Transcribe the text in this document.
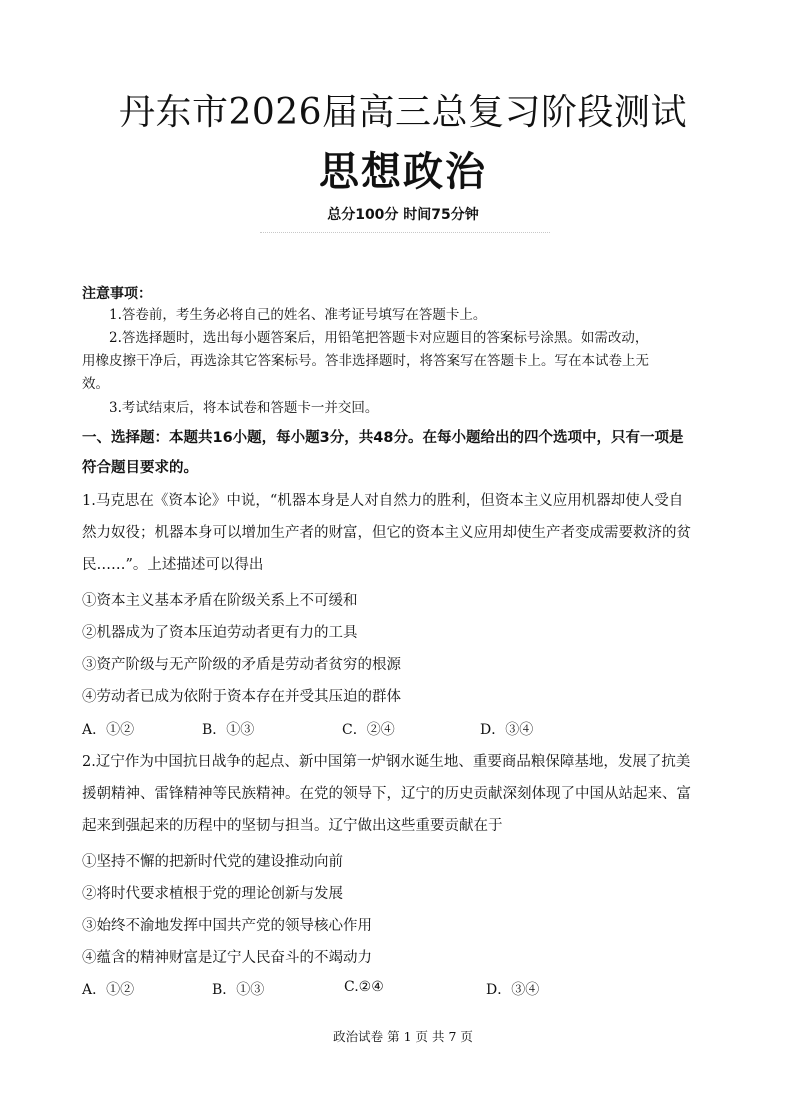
丹东市2026届高三总复习阶段测试
思想政治
总分100分 时间75分钟
注意事项：
1.答卷前，考生务必将自己的姓名、准考证号填写在答题卡上。
2.答选择题时，选出每小题答案后，用铅笔把答题卡对应题目的答案标号涂黑。如需改动，
用橡皮擦干净后，再选涂其它答案标号。答非选择题时，将答案写在答题卡上。写在本试卷上无
效。
3.考试结束后，将本试卷和答题卡一并交回。
一、选择题：本题共16小题，每小题3分，共48分。在每小题给出的四个选项中，只有一项是
符合题目要求的。
1.马克思在《资本论》中说，“机器本身是人对自然力的胜利，但资本主义应用机器却使人受自
然力奴役；机器本身可以增加生产者的财富，但它的资本主义应用却使生产者变成需要救济的贫
民……”。上述描述可以得出
①资本主义基本矛盾在阶级关系上不可缓和
②机器成为了资本压迫劳动者更有力的工具
③资产阶级与无产阶级的矛盾是劳动者贫穷的根源
④劳动者已成为依附于资本存在并受其压迫的群体
A．①②	B．①③	C．②④	D．③④
2.辽宁作为中国抗日战争的起点、新中国第一炉钢水诞生地、重要商品粮保障基地，发展了抗美
援朝精神、雷锋精神等民族精神。在党的领导下，辽宁的历史贡献深刻体现了中国从站起来、富
起来到强起来的历程中的坚韧与担当。辽宁做出这些重要贡献在于
①坚持不懈的把新时代党的建设推动向前
②将时代要求植根于党的理论创新与发展
③始终不渝地发挥中国共产党的领导核心作用
④蕴含的精神财富是辽宁人民奋斗的不竭动力
A．①②	B．①③	C.②④	D．③④
政治试卷 第 1 页 共 7 页
